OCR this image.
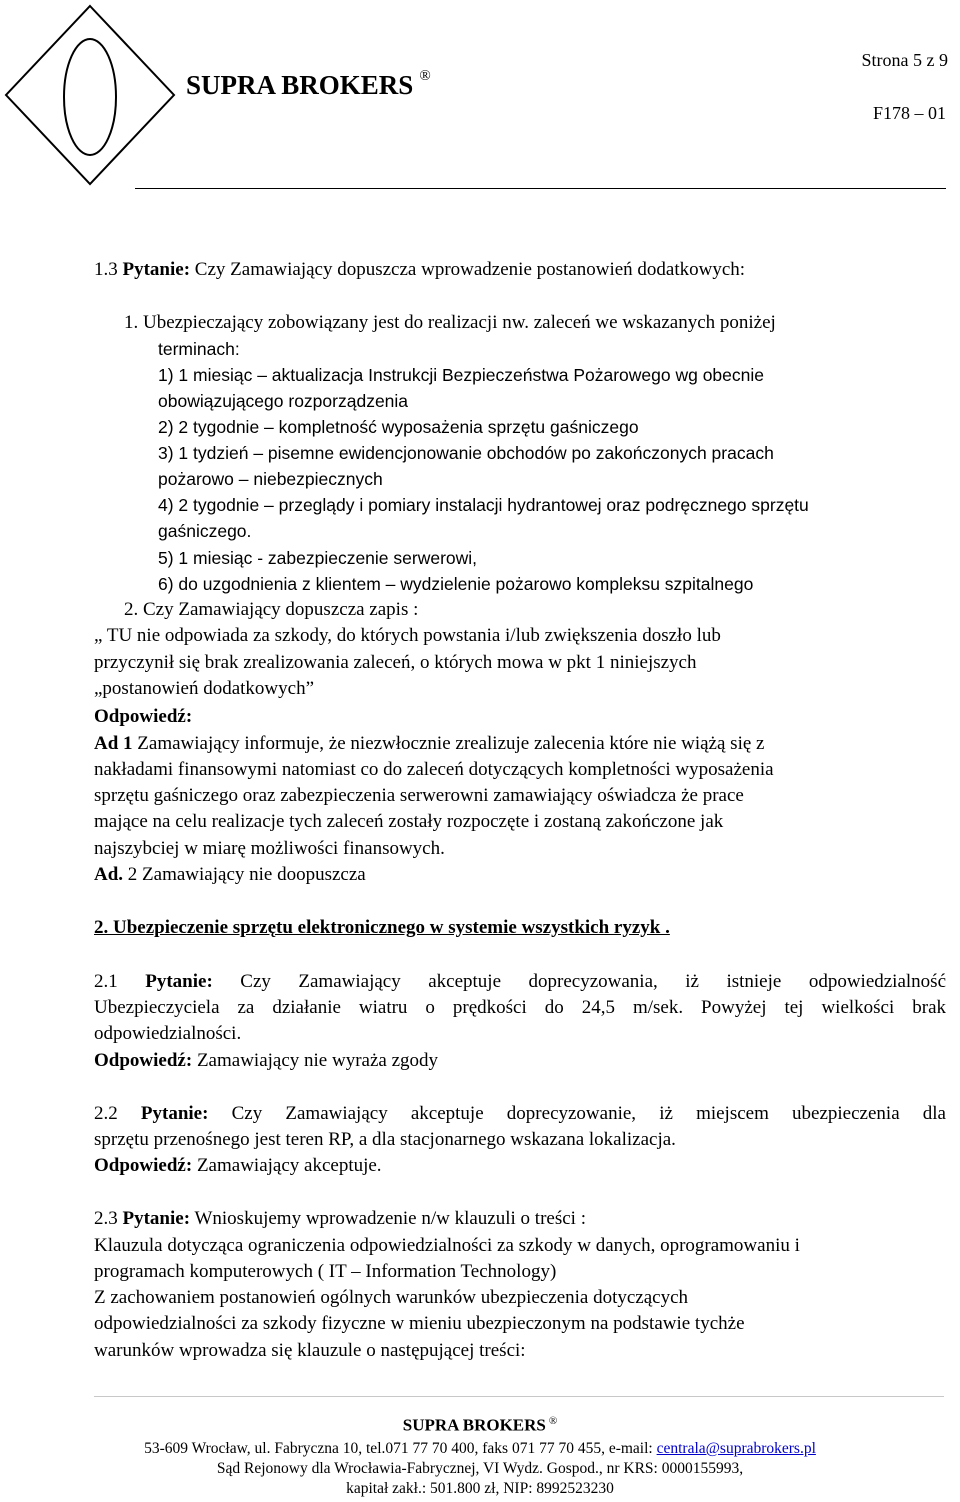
SUPRA BROKERS ®
Strona 5 z 9
F178 – 01
1.3 Pytanie: Czy Zamawiający dopuszcza wprowadzenie postanowień dodatkowych:
1. Ubezpieczający zobowiązany jest do realizacji nw. zaleceń we wskazanych poniżej
terminach:
1) 1 miesiąc – aktualizacja Instrukcji Bezpieczeństwa Pożarowego wg obecnie
obowiązującego rozporządzenia
2) 2 tygodnie – kompletność wyposażenia sprzętu gaśniczego
3) 1 tydzień – pisemne ewidencjonowanie obchodów po zakończonych pracach
pożarowo – niebezpiecznych
4) 2 tygodnie – przeglądy i pomiary instalacji hydrantowej oraz podręcznego sprzętu
gaśniczego.
5) 1 miesiąc - zabezpieczenie serwerowi,
6) do uzgodnienia z klientem – wydzielenie pożarowo kompleksu szpitalnego
2. Czy Zamawiający dopuszcza zapis :
„ TU nie odpowiada za szkody, do których powstania i/lub zwiększenia doszło lub
przyczynił się brak zrealizowania zaleceń, o których mowa w pkt 1 niniejszych
„postanowień dodatkowych”
Odpowiedź:
Ad 1 Zamawiający informuje, że niezwłocznie zrealizuje zalecenia które nie wiążą się z
nakładami finansowymi natomiast co do zaleceń dotyczących kompletności wyposażenia
sprzętu gaśniczego oraz zabezpieczenia serwerowni zamawiający oświadcza że prace
mające na celu realizacje tych zaleceń zostały rozpoczęte i zostaną zakończone jak
najszybciej w miarę możliwości finansowych.
Ad. 2 Zamawiający nie doopuszcza
2. Ubezpieczenie sprzętu elektronicznego w systemie wszystkich ryzyk .
2.1 Pytanie: Czy Zamawiający akceptuje doprecyzowania, iż istnieje odpowiedzialność
Ubezpieczyciela za działanie wiatru o prędkości do 24,5 m/sek. Powyżej tej wielkości brak
odpowiedzialności.
Odpowiedź: Zamawiający nie wyraża zgody
2.2 Pytanie: Czy Zamawiający akceptuje doprecyzowanie, iż miejscem ubezpieczenia dla
sprzętu przenośnego jest teren RP, a dla stacjonarnego wskazana lokalizacja.
Odpowiedź: Zamawiający akceptuje.
2.3 Pytanie: Wnioskujemy wprowadzenie n/w klauzuli o treści :
Klauzula dotycząca ograniczenia odpowiedzialności za szkody w danych, oprogramowaniu i
programach komputerowych ( IT – Information Technology)
Z zachowaniem postanowień ogólnych warunków ubezpieczenia dotyczących
odpowiedzialności za szkody fizyczne w mieniu ubezpieczonym na podstawie tychże
warunków wprowadza się klauzule o następującej treści:
SUPRA BROKERS ®
53-609 Wrocław, ul. Fabryczna 10, tel.071 77 70 400, faks 071 77 70 455, e-mail: centrala@suprabrokers.pl
Sąd Rejonowy dla Wrocławia-Fabrycznej, VI Wydz. Gospod., nr KRS: 0000155993,
kapitał zakł.: 501.800 zł, NIP: 8992523230
